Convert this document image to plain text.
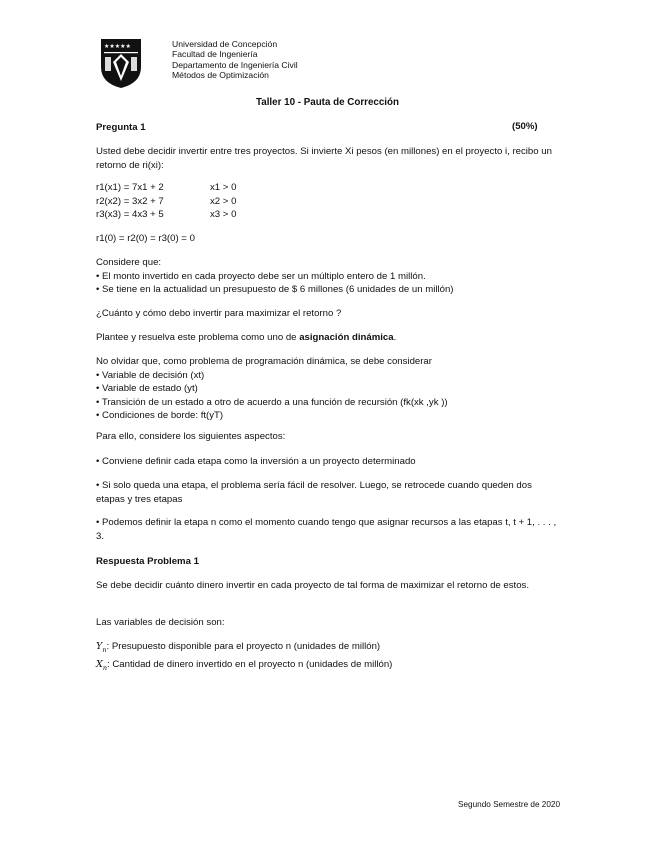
★★★★★	Universidad de Concepción
Facultad de Ingeniería
Departamento de Ingeniería Civil
Métodos de Optimización
Taller 10 - Pauta de Corrección
Pregunta 1	(50%)
Usted debe decidir invertir entre tres proyectos. Si invierte Xi pesos (en millones) en el proyecto i, recibo un retorno de ri(xi):
r1(x1) = 7x1 + 2
r2(x2) = 3x2 + 7
r3(x3) = 4x3 + 5
x1 > 0
x2 > 0
x3 > 0
r1(0) = r2(0) = r3(0) = 0
Considere que:
• El monto invertido en cada proyecto debe ser un múltiplo entero de 1 millón.
• Se tiene en la actualidad un presupuesto de $ 6 millones (6 unidades de un millón)
¿Cuánto y cómo debo invertir para maximizar el retorno ?
Plantee y resuelva este problema como uno de asignación dinámica.
No olvidar que, como problema de programación dinámica, se debe considerar
• Variable de decisión (xt)
• Variable de estado (yt)
• Transición de un estado a otro de acuerdo a una función de recursión (fk(xk ,yk ))
• Condiciones de borde: ft(yT)
Para ello, considere los siguientes aspectos:
• Conviene definir cada etapa como la inversión a un proyecto determinado
• Si solo queda una etapa, el problema sería fácil de resolver. Luego, se retrocede cuando queden dos etapas y tres etapas
• Podemos definir la etapa n como el momento cuando tengo que asignar recursos a las etapas t, t + 1, . . . , 3.
Respuesta Problema 1
Se debe decidir cuánto dinero invertir en cada proyecto de tal forma de maximizar el retorno de estos.
Las variables de decisión son:
$Y_n$: Presupuesto disponible para el proyecto n (unidades de millón)
$X_n$: Cantidad de dinero invertido en el proyecto n (unidades de millón)
Segundo Semestre de 2020
